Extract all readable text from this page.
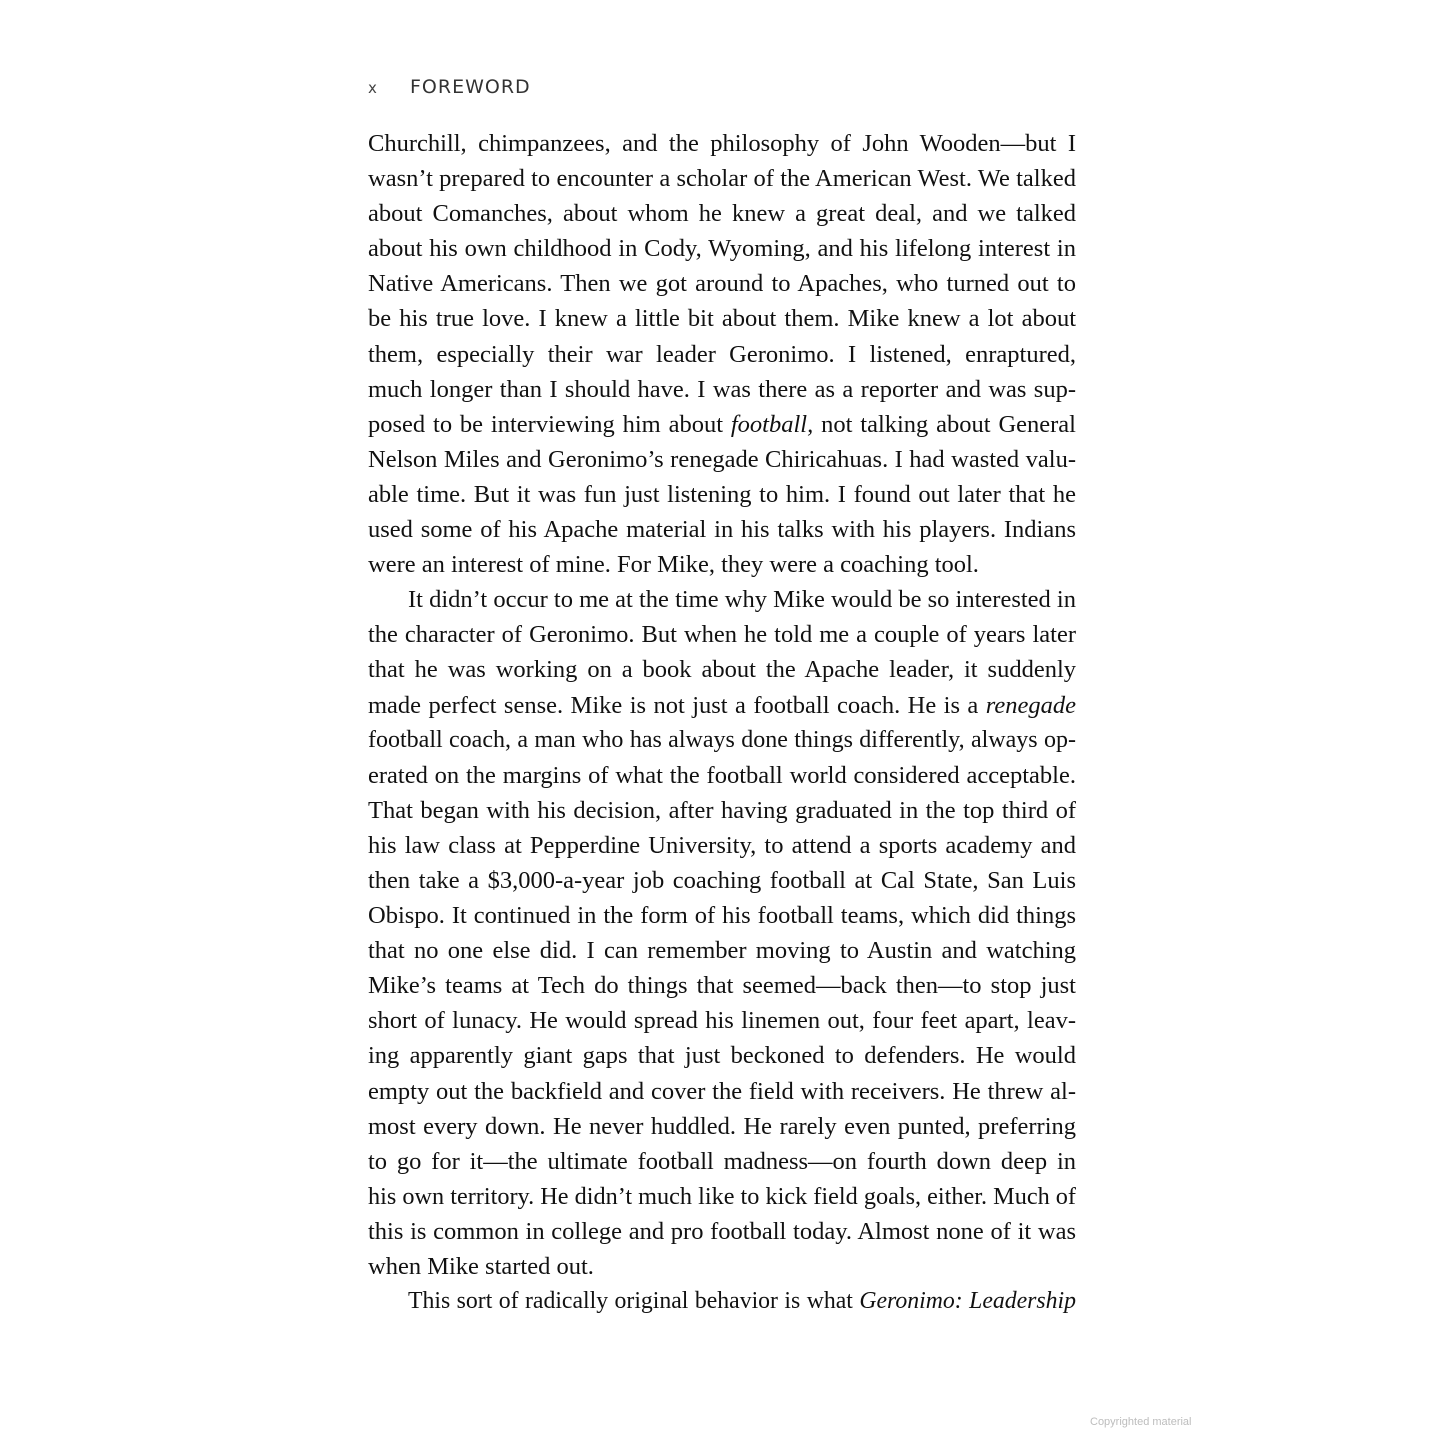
x FOREWORD
Churchill, chimpanzees, and the philosophy of John Wooden—but I
wasn’t prepared to encounter a scholar of the American West. We talked
about Comanches, about whom he knew a great deal, and we talked
about his own childhood in Cody, Wyoming, and his lifelong interest in
Native Americans. Then we got around to Apaches, who turned out to
be his true love. I knew a little bit about them. Mike knew a lot about
them, especially their war leader Geronimo. I listened, enraptured,
much longer than I should have. I was there as a reporter and was sup-
posed to be interviewing him about football, not talking about General
Nelson Miles and Geronimo’s renegade Chiricahuas. I had wasted valu-
able time. But it was fun just listening to him. I found out later that he
used some of his Apache material in his talks with his players. Indians
were an interest of mine. For Mike, they were a coaching tool.
It didn’t occur to me at the time why Mike would be so interested in
the character of Geronimo. But when he told me a couple of years later
that he was working on a book about the Apache leader, it suddenly
made perfect sense. Mike is not just a football coach. He is a renegade
football coach, a man who has always done things differently, always op-
erated on the margins of what the football world considered acceptable.
That began with his decision, after having graduated in the top third of
his law class at Pepperdine University, to attend a sports academy and
then take a $3,000-a-year job coaching football at Cal State, San Luis
Obispo. It continued in the form of his football teams, which did things
that no one else did. I can remember moving to Austin and watching
Mike’s teams at Tech do things that seemed—back then—to stop just
short of lunacy. He would spread his linemen out, four feet apart, leav-
ing apparently giant gaps that just beckoned to defenders. He would
empty out the backfield and cover the field with receivers. He threw al-
most every down. He never huddled. He rarely even punted, preferring
to go for it—the ultimate football madness—on fourth down deep in
his own territory. He didn’t much like to kick field goals, either. Much of
this is common in college and pro football today. Almost none of it was
when Mike started out.
This sort of radically original behavior is what Geronimo: Leadership
Copyrighted material
